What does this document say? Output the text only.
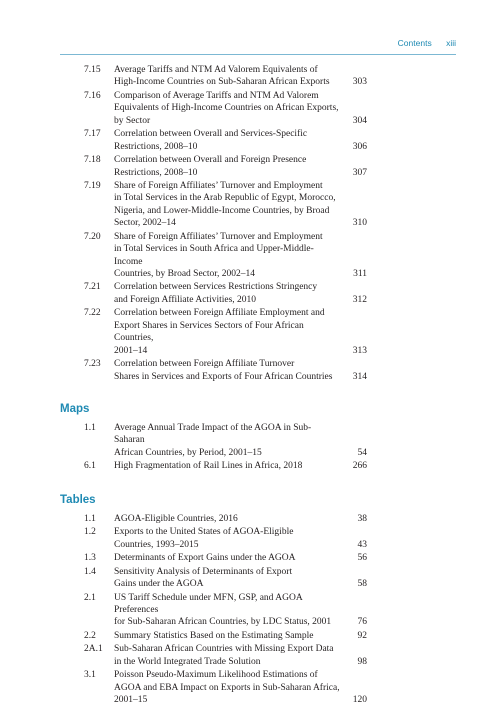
Contents xiii
7.15 Average Tariffs and NTM Ad Valorem Equivalents of
High-Income Countries on Sub-Saharan African Exports	303
7.16 Comparison of Average Tariffs and NTM Ad Valorem
Equivalents of High-Income Countries on African Exports,
by Sector	304
7.17 Correlation between Overall and Services-Specific
Restrictions, 2008–10	306
7.18 Correlation between Overall and Foreign Presence
Restrictions, 2008–10	307
7.19 Share of Foreign Affiliates’ Turnover and Employment
in Total Services in the Arab Republic of Egypt, Morocco,
Nigeria, and Lower-Middle-Income Countries, by Broad
Sector, 2002–14	310
7.20 Share of Foreign Affiliates’ Turnover and Employment
in Total Services in South Africa and Upper-Middle-Income
Countries, by Broad Sector, 2002–14	311
7.21 Correlation between Services Restrictions Stringency
and Foreign Affiliate Activities, 2010	312
7.22 Correlation between Foreign Affiliate Employment and
Export Shares in Services Sectors of Four African Countries,
2001–14	313
7.23 Correlation between Foreign Affiliate Turnover
Shares in Services and Exports of Four African Countries	314
Maps
1.1 Average Annual Trade Impact of the AGOA in Sub-Saharan
African Countries, by Period, 2001–15	54
6.1 High Fragmentation of Rail Lines in Africa, 2018	266
Tables
1.1 AGOA-Eligible Countries, 2016	38
1.2 Exports to the United States of AGOA-Eligible
Countries, 1993–2015	43
1.3 Determinants of Export Gains under the AGOA	56
1.4 Sensitivity Analysis of Determinants of Export
Gains under the AGOA	58
2.1 US Tariff Schedule under MFN, GSP, and AGOA Preferences
for Sub-Saharan African Countries, by LDC Status, 2001	76
2.2 Summary Statistics Based on the Estimating Sample	92
2A.1 Sub-Saharan African Countries with Missing Export Data
in the World Integrated Trade Solution	98
3.1 Poisson Pseudo-Maximum Likelihood Estimations of
AGOA and EBA Impact on Exports in Sub-Saharan Africa,
2001–15	120
